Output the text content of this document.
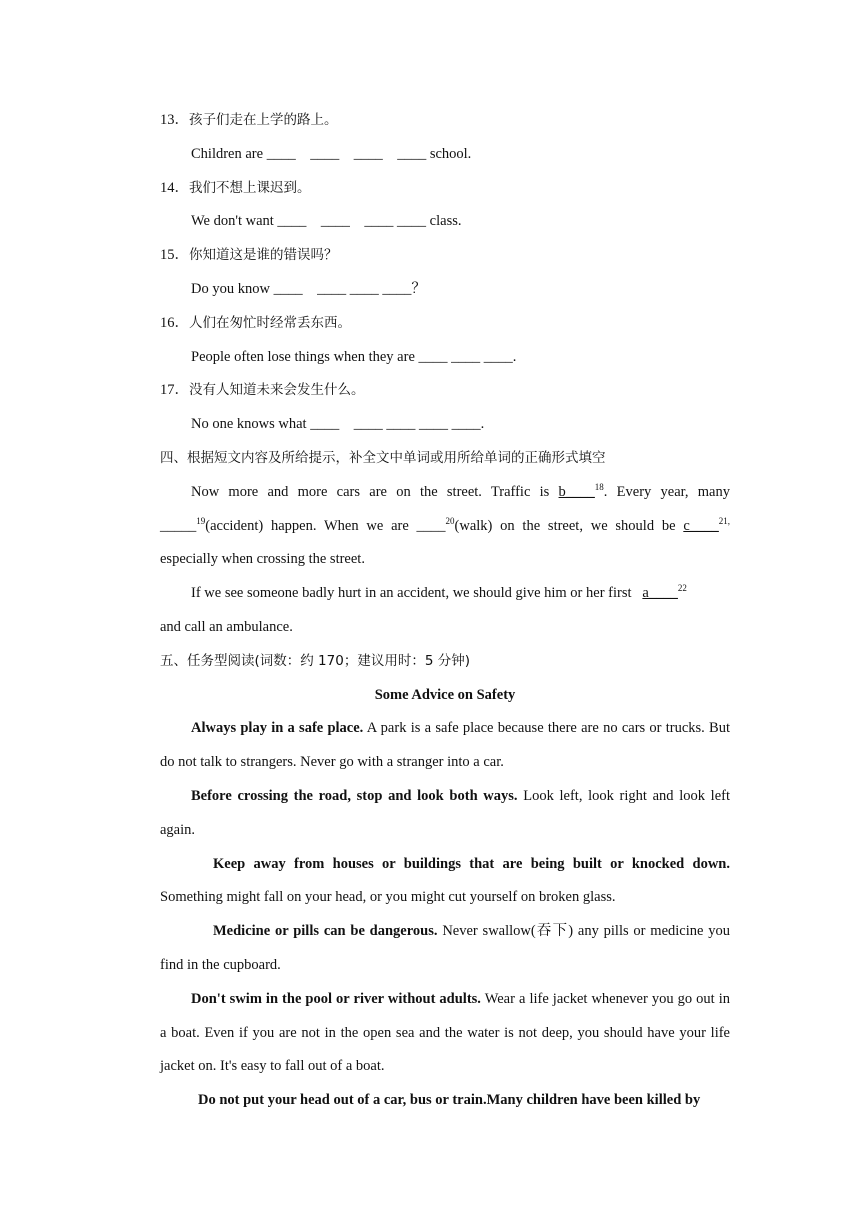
13．孩子们走在上学的路上。
Children are ____    ____    ____    ____ school.
14．我们不想上课迟到。
We don't want ____    ____    ____ ____ class.
15．你知道这是谁的错误吗？
Do you know ____    ____ ____ ____？
16．人们在匆忙时经常丢东西。
People often lose things when they are ____ ____ ____.
17．没有人知道未来会发生什么。
No one knows what ____    ____ ____ ____ ____.
四、根据短文内容及所给提示，补全文中单词或用所给单词的正确形式填空
Now more and more cars are on the street. Traffic is b____$^{18}$. Every year, many
_____$^{19}$(accident) happen. When we are ____$^{20}$(walk) on the street, we should be c____$^{21,}$
especially when crossing the street.
If we see someone badly hurt in an accident, we should give him or her first   a____$^{22}$
and call an ambulance.
五、任务型阅读(词数：约 170；建议用时：5 分钟)
Some Advice on Safety
Always play in a safe place. A park is a safe place because there are no cars or trucks. But do not talk to strangers. Never go with a stranger into a car.
Before crossing the road, stop and look both ways. Look left, look right and look left again.
Keep away from houses or buildings that are being built or knocked down. Something might fall on your head, or you might cut yourself on broken glass.
Medicine or pills can be dangerous. Never swallow(吞下) any pills or medicine you find in the cupboard.
Don't swim in the pool or river without adults. Wear a life jacket whenever you go out in a boat. Even if you are not in the open sea and the water is not deep, you should have your life jacket on. It's easy to fall out of a boat.
Do not put your head out of a car, bus or train.Many children have been killed by
